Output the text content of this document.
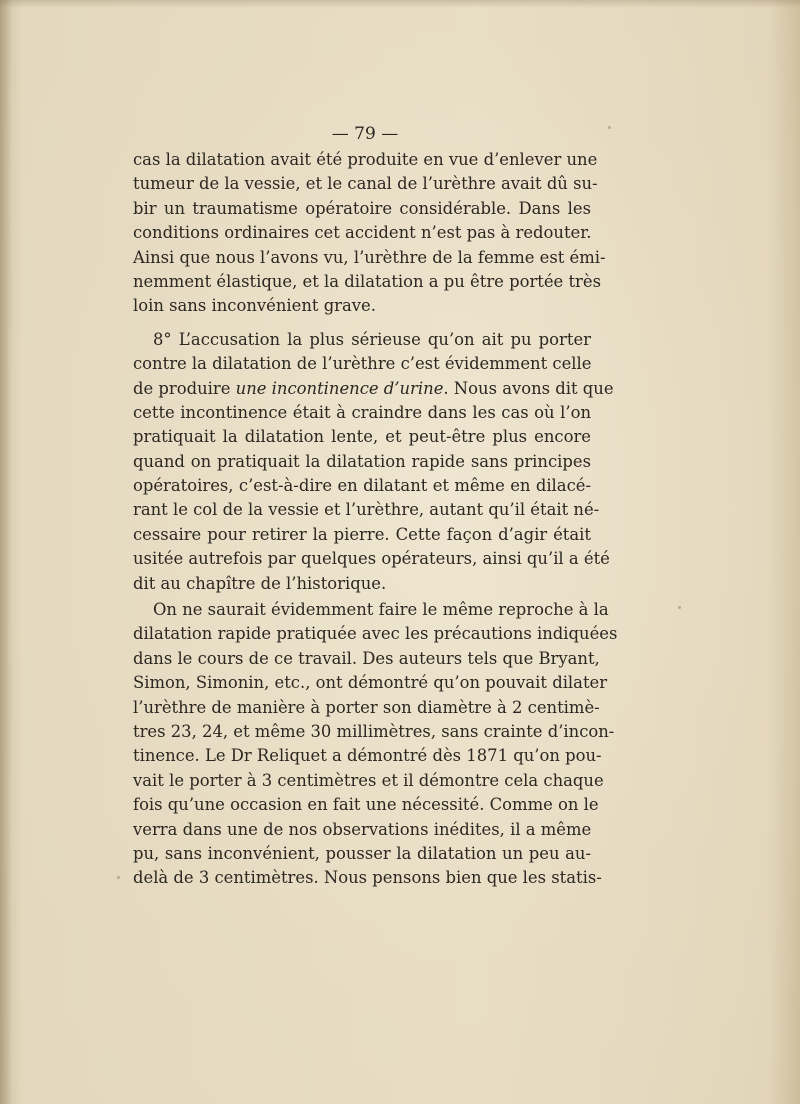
— 79 —
cas la dilatation avait été produite en vue d’enlever une
tumeur de la vessie, et le canal de l’urèthre avait dû su-
bir un traumatisme opératoire considérable. Dans les
conditions ordinaires cet accident n’est pas à redouter.
Ainsi que nous l’avons vu, l’urèthre de la femme est émi-
nemment élastique, et la dilatation a pu être portée très
loin sans inconvénient grave.
8° L’accusation la plus sérieuse qu’on ait pu porter
contre la dilatation de l’urèthre c’est évidemment celle
de produire une incontinence d’urine. Nous avons dit que
cette incontinence était à craindre dans les cas où l’on
pratiquait la dilatation lente, et peut-être plus encore
quand on pratiquait la dilatation rapide sans principes
opératoires, c’est-à-dire en dilatant et même en dilacé-
rant le col de la vessie et l’urèthre, autant qu’il était né-
cessaire pour retirer la pierre. Cette façon d’agir était
usitée autrefois par quelques opérateurs, ainsi qu’il a été
dit au chapître de l’historique.
On ne saurait évidemment faire le même reproche à la
dilatation rapide pratiquée avec les précautions indiquées
dans le cours de ce travail. Des auteurs tels que Bryant,
Simon, Simonin, etc., ont démontré qu’on pouvait dilater
l’urèthre de manière à porter son diamètre à 2 centimè-
tres 23, 24, et même 30 millimètres, sans crainte d’incon-
tinence. Le Dr Reliquet a démontré dès 1871 qu’on pou-
vait le porter à 3 centimètres et il démontre cela chaque
fois qu’une occasion en fait une nécessité. Comme on le
verra dans une de nos observations inédites, il a même
pu, sans inconvénient, pousser la dilatation un peu au-
delà de 3 centimètres. Nous pensons bien que les statis-
